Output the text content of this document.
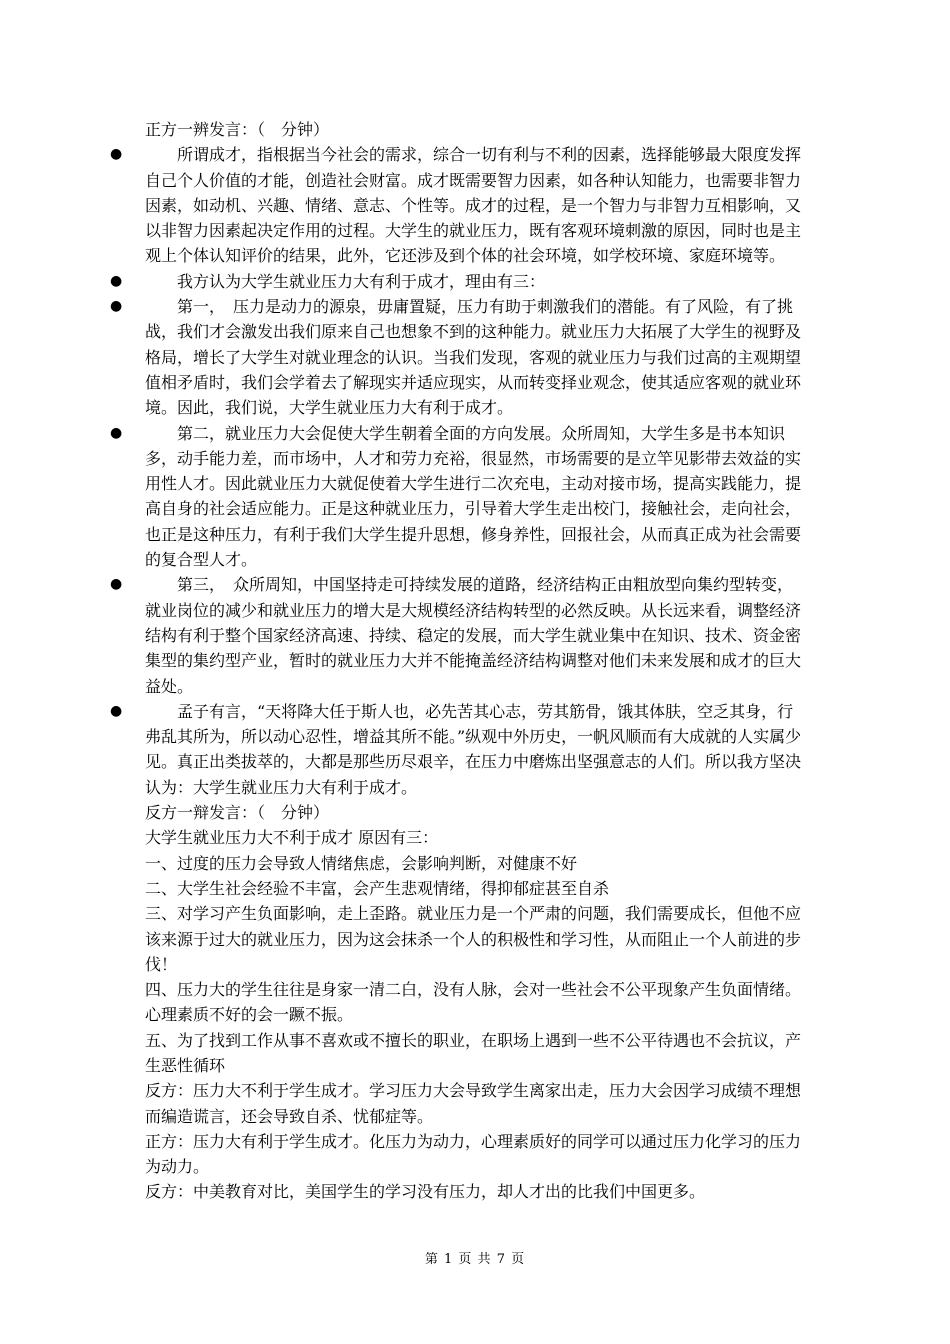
正方一辨发言：（　分钟）

●	所谓成才，指根据当今社会的需求，综合一切有利与不利的因素，选择能够最大限度发挥自己个人价值的才能，创造社会财富。成才既需要智力因素，如各种认知能力，也需要非智力因素，如动机、兴趣、情绪、意志、个性等。成才的过程，是一个智力与非智力互相影响，又以非智力因素起决定作用的过程。大学生的就业压力，既有客观环境刺激的原因，同时也是主观上个体认知评价的结果，此外，它还涉及到个体的社会环境，如学校环境、家庭环境等。

●	我方认为大学生就业压力大有利于成才，理由有三：

●	第一，　压力是动力的源泉，毋庸置疑，压力有助于刺激我们的潜能。有了风险，有了挑战，我们才会激发出我们原来自己也想象不到的这种能力。就业压力大拓展了大学生的视野及格局，增长了大学生对就业理念的认识。当我们发现，客观的就业压力与我们过高的主观期望值相矛盾时，我们会学着去了解现实并适应现实，从而转变择业观念，使其适应客观的就业环境。因此，我们说，大学生就业压力大有利于成才。

●	第二，就业压力大会促使大学生朝着全面的方向发展。众所周知，大学生多是书本知识多，动手能力差，而市场中，人才和劳力充裕，很显然，市场需要的是立竿见影带去效益的实用性人才。因此就业压力大就促使着大学生进行二次充电，主动对接市场，提高实践能力，提高自身的社会适应能力。正是这种就业压力，引导着大学生走出校门，接触社会，走向社会，也正是这种压力，有利于我们大学生提升思想，修身养性，回报社会，从而真正成为社会需要的复合型人才。

●	第三，　众所周知，中国坚持走可持续发展的道路，经济结构正由粗放型向集约型转变，就业岗位的减少和就业压力的增大是大规模经济结构转型的必然反映。从长远来看，调整经济结构有利于整个国家经济高速、持续、稳定的发展，而大学生就业集中在知识、技术、资金密集型的集约型产业，暂时的就业压力大并不能掩盖经济结构调整对他们未来发展和成才的巨大益处。

●	孟子有言，“天将降大任于斯人也，必先苦其心志，劳其筋骨，饿其体肤，空乏其身，行弗乱其所为，所以动心忍性，增益其所不能。”纵观中外历史，一帆风顺而有大成就的人实属少见。真正出类拔萃的，大都是那些历尽艰辛，在压力中磨炼出坚强意志的人们。所以我方坚决认为：大学生就业压力大有利于成才。

反方一辩发言：（　分钟）

大学生就业压力大不利于成才 原因有三：

一、过度的压力会导致人情绪焦虑，会影响判断，对健康不好

二、大学生社会经验不丰富，会产生悲观情绪，得抑郁症甚至自杀

三、对学习产生负面影响，走上歪路。就业压力是一个严肃的问题，我们需要成长，但他不应该来源于过大的就业压力，因为这会抹杀一个人的积极性和学习性，从而阻止一个人前进的步伐！

四、压力大的学生往往是身家一清二白，没有人脉，会对一些社会不公平现象产生负面情绪。心理素质不好的会一蹶不振。

五、为了找到工作从事不喜欢或不擅长的职业，在职场上遇到一些不公平待遇也不会抗议，产生恶性循环

反方：压力大不利于学生成才。学习压力大会导致学生离家出走，压力大会因学习成绩不理想而编造谎言，还会导致自杀、忧郁症等。

正方：压力大有利于学生成才。化压力为动力，心理素质好的同学可以通过压力化学习的压力为动力。

反方：中美教育对比，美国学生的学习没有压力，却人才出的比我们中国更多。

第 1 页 共 7 页
